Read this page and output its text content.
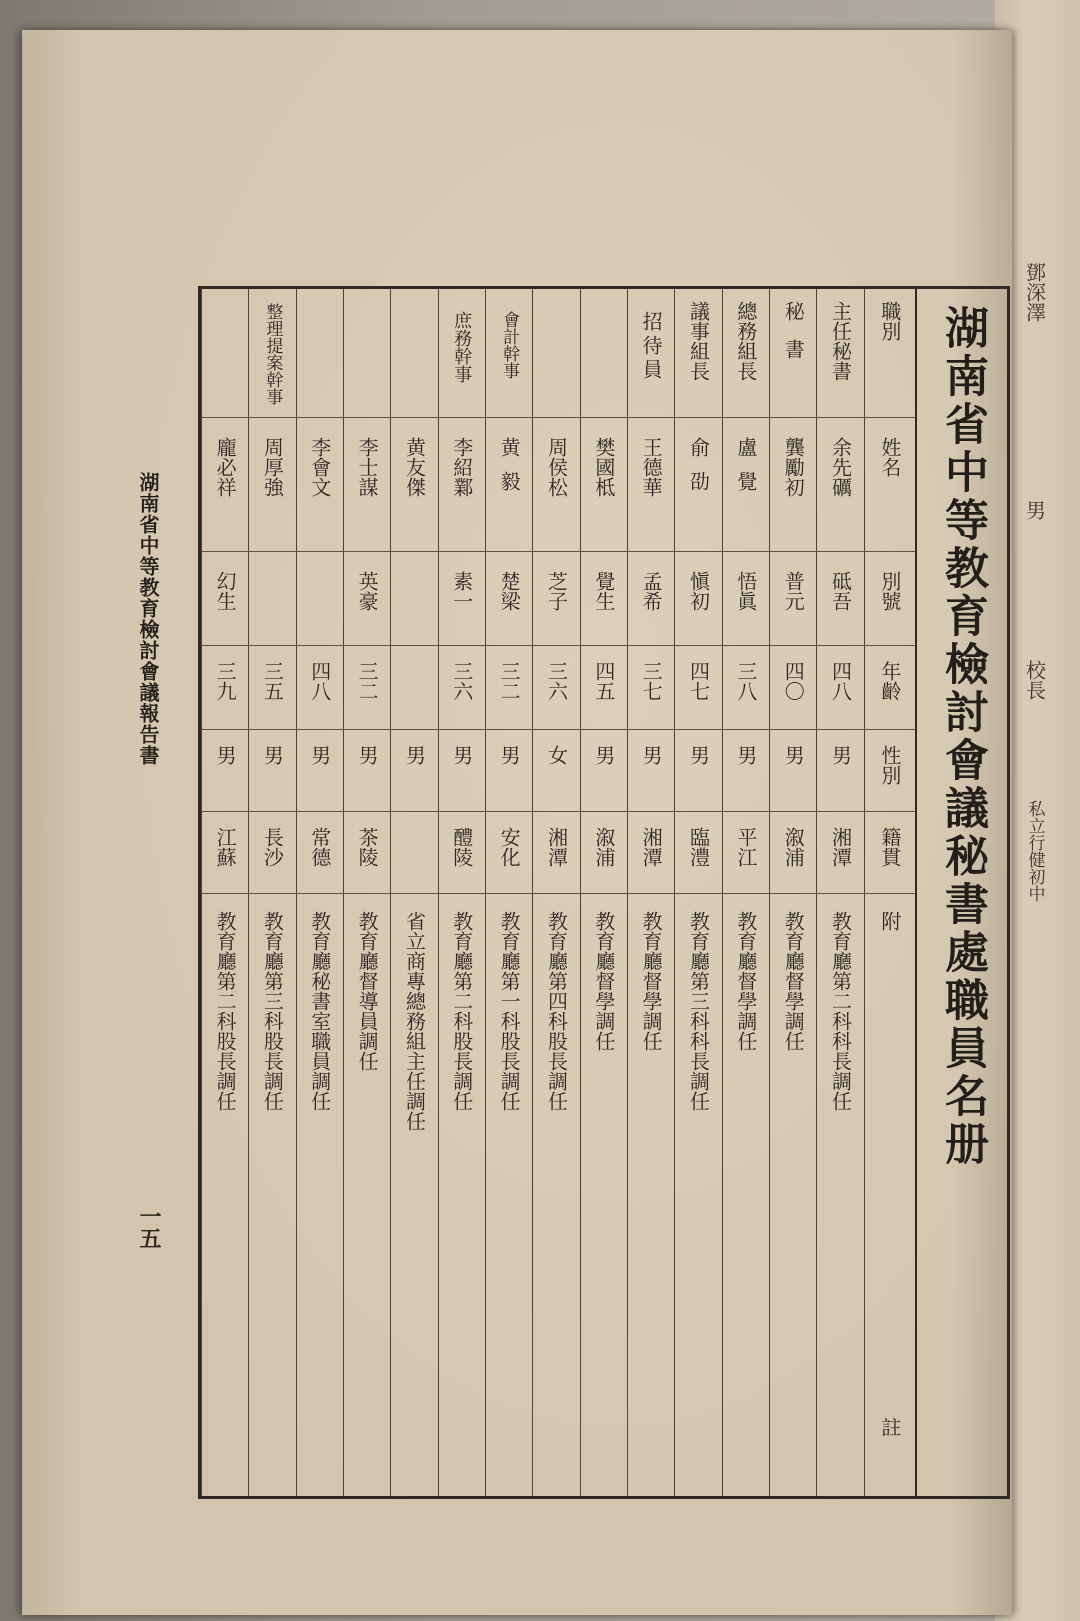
鄧深澤
男
校長
私立行健初中
湖南省中等教育檢討會議報告書
一五
湖南省中等教育檢討會議秘書處職員名册
職別
姓名
別號
年齡
性別
籍貫
附
註
主任秘書
余先礪
砥吾
四八
男
湘潭
教育廳第二科科長調任
秘書
龔勵初
普元
四〇
男
溆浦
教育廳督學調任
總務組長
盧覺
悟眞
三八
男
平江
教育廳督學調任
議事組長
俞劭
愼初
四七
男
臨澧
教育廳第三科科長調任
招待員
王德華
孟希
三七
男
湘潭
教育廳督學調任
樊國柢
覺生
四五
男
溆浦
教育廳督學調任
周侯松
芝子
三六
女
湘潭
教育廳第四科股長調任
會計幹事
黄毅
楚梁
三二
男
安化
教育廳第一科股長調任
庶務幹事
李紹鄴
素一
三六
男
醴陵
教育廳第二科股長調任
黄友傑
男
省立商專總務組主任調任
李士謀
英豪
三二
男
茶陵
教育廳督導員調任
李會文
四八
男
常德
教育廳秘書室職員調任
整理提案幹事
周厚強
三五
男
長沙
教育廳第三科股長調任
龐必祥
幻生
三九
男
江蘇
教育廳第二科股長調任
